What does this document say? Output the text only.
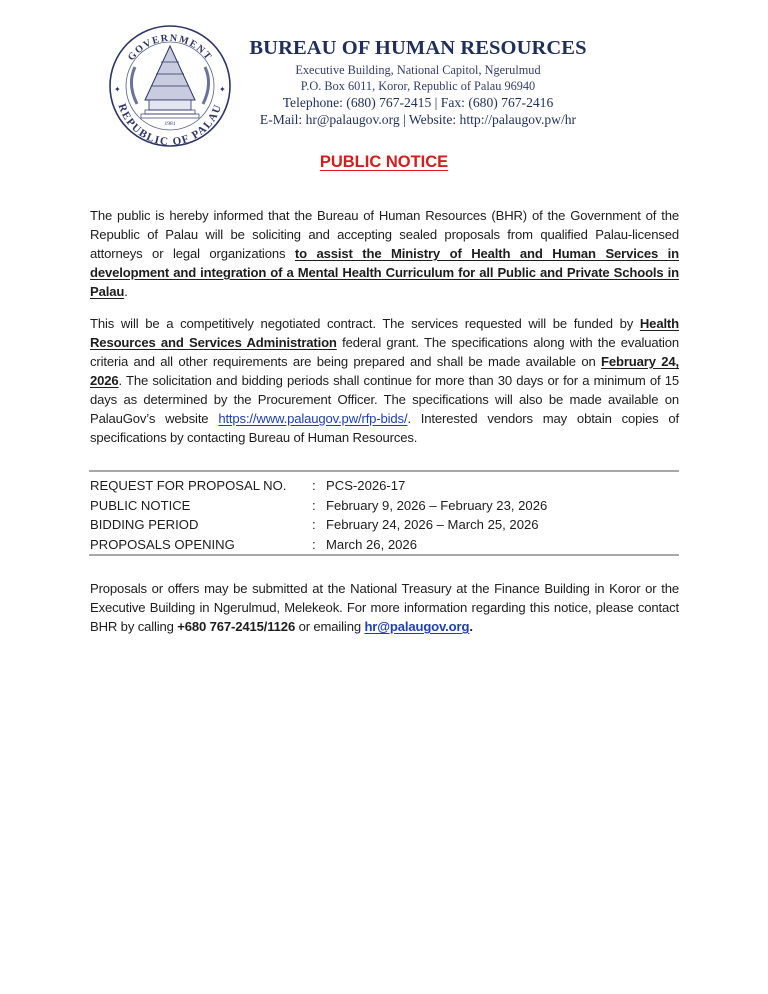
GOVERNMENT
REPUBLIC OF PALAU
1981
✦	✦
BUREAU OF HUMAN RESOURCES
Executive Building, National Capitol, Ngerulmud
P.O. Box 6011, Koror, Republic of Palau 96940
Telephone: (680) 767-2415 | Fax: (680) 767-2416
E-Mail: hr@palaugov.org | Website: http://palaugov.pw/hr
PUBLIC NOTICE
The public is hereby informed that the Bureau of Human Resources (BHR) of the Government of the Republic of Palau will be soliciting and accepting sealed proposals from qualified Palau-licensed attorneys or legal organizations to assist the Ministry of Health and Human Services in development and integration of a Mental Health Curriculum for all Public and Private Schools in Palau.
This will be a competitively negotiated contract. The services requested will be funded by Health Resources and Services Administration federal grant. The specifications along with the evaluation criteria and all other requirements are being prepared and shall be made available on February 24, 2026. The solicitation and bidding periods shall continue for more than 30 days or for a minimum of 15 days as determined by the Procurement Officer. The specifications will also be made available on PalauGov’s website https://www.palaugov.pw/rfp-bids/. Interested vendors may obtain copies of specifications by contacting Bureau of Human Resources.
REQUEST FOR PROPOSAL NO.	: PCS-2026-17
PUBLIC NOTICE	: February 9, 2026 – February 23, 2026
BIDDING PERIOD	: February 24, 2026 – March 25, 2026
PROPOSALS OPENING	: March 26, 2026
Proposals or offers may be submitted at the National Treasury at the Finance Building in Koror or the Executive Building in Ngerulmud, Melekeok. For more information regarding this notice, please contact BHR by calling +680 767-2415/1126 or emailing hr@palaugov.org.
